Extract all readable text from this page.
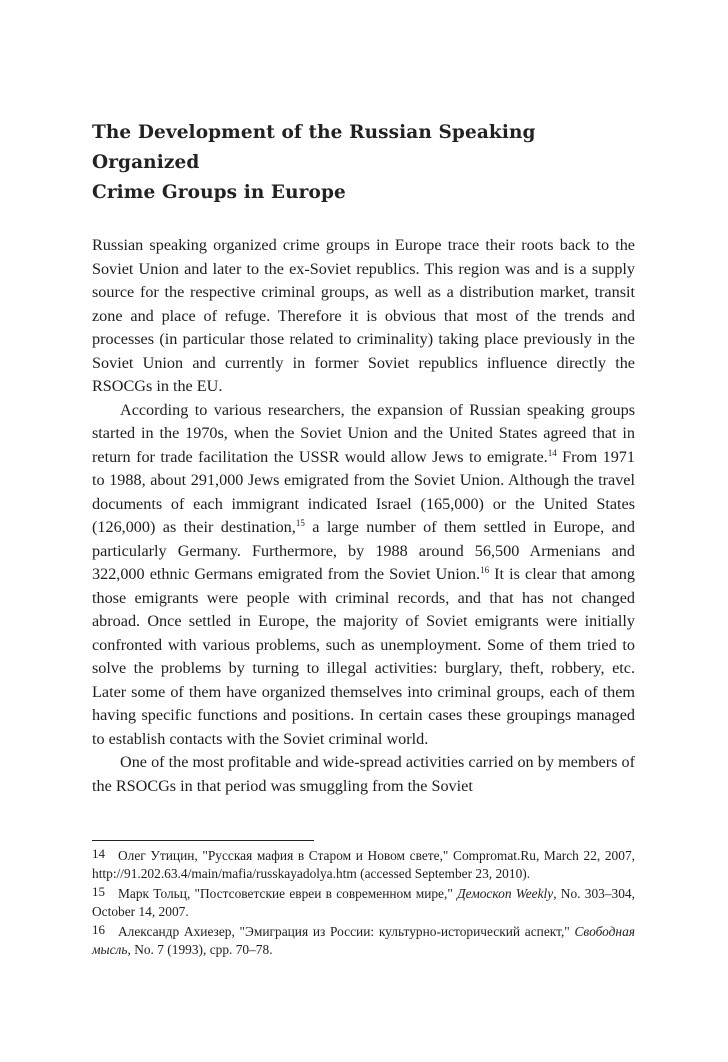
The Development of the Russian Speaking Organized
Crime Groups in Europe

Russian speaking organized crime groups in Europe trace their roots back to the Soviet Union and later to the ex-Soviet republics. This region was and is a supply source for the respective criminal groups, as well as a distribution market, transit zone and place of refuge. Therefore it is obvious that most of the trends and processes (in particular those related to criminality) taking place previously in the Soviet Union and currently in former Soviet republics influence directly the RSOCGs in the EU.

According to various researchers, the expansion of Russian speaking groups started in the 1970s, when the Soviet Union and the United States agreed that in return for trade facilitation the USSR would allow Jews to emigrate.$^{14}$ From 1971 to 1988, about 291,000 Jews emigrated from the Soviet Union. Although the travel documents of each immigrant indicated Israel (165,000) or the United States (126,000) as their destination,$^{15}$ a large number of them settled in Europe, and particularly Germany. Furthermore, by 1988 around 56,500 Armenians and 322,000 ethnic Germans emigrated from the Soviet Union.$^{16}$ It is clear that among those emigrants were people with criminal records, and that has not changed abroad. Once settled in Europe, the majority of Soviet emigrants were initially confronted with various problems, such as unemployment. Some of them tried to solve the problems by turning to illegal activities: burglary, theft, robbery, etc. Later some of them have organized themselves into criminal groups, each of them having specific functions and positions. In certain cases these groupings managed to establish contacts with the Soviet criminal world.

One of the most profitable and wide-spread activities carried on by members of the RSOCGs in that period was smuggling from the Soviet

14 Олег Утицин, "Русская мафия в Старом и Новом свете," Compromat.Ru, March 22, 2007, http://91.202.63.4/main/mafia/russkayadolya.htm (accessed September 23, 2010).

15 Марк Тольц, "Постсоветские евреи в современном мире," Демоскоп Weekly, No. 303–304, October 14, 2007.

16 Александр Ахиезер, "Эмиграция из России: культурно-исторический аспект," Свободная мысль, No. 7 (1993), срр. 70–78.
